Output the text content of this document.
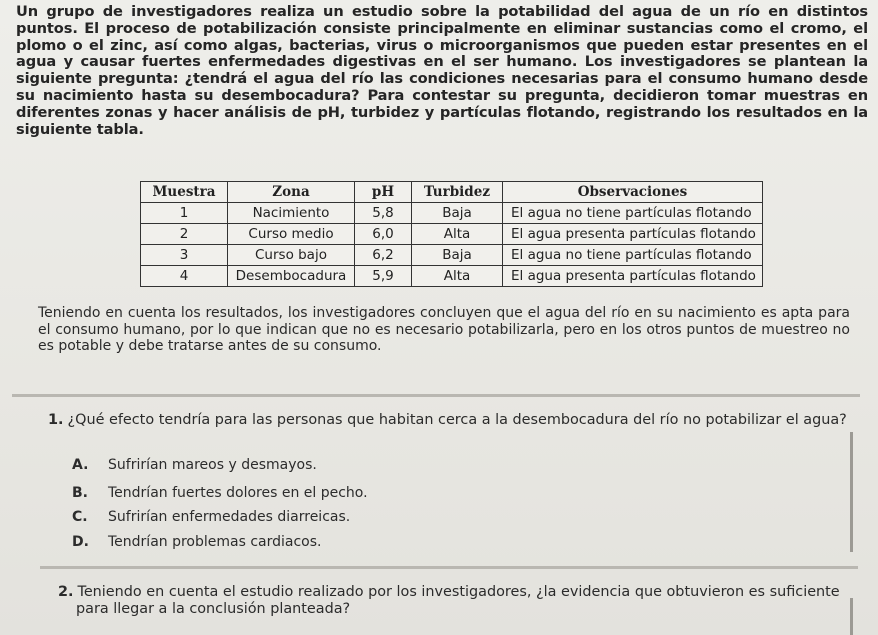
Un grupo de investigadores realiza un estudio sobre la potabilidad del agua de un río en distintos puntos. El proceso de potabilización consiste principalmente en eliminar sustancias como el cromo, el plomo o el zinc, así como algas, bacterias, virus o microorganismos que pueden estar presentes en el agua y causar fuertes enfermedades digestivas en el ser humano. Los investigadores se plantean la siguiente pregunta: ¿tendrá el agua del río las condiciones necesarias para el consumo humano desde su nacimiento hasta su desembocadura? Para contestar su pregunta, decidieron tomar muestras en diferentes zonas y hacer análisis de pH, turbidez y partículas flotando, registrando los resultados en la siguiente tabla.
Muestra	Zona	pH	Turbidez	Observaciones
1	Nacimiento	5,8	Baja	El agua no tiene partículas flotando
2	Curso medio	6,0	Alta	El agua presenta partículas flotando
3	Curso bajo	6,2	Baja	El agua no tiene partículas flotando
4	Desembocadura	5,9	Alta	El agua presenta partículas flotando
Teniendo en cuenta los resultados, los investigadores concluyen que el agua del río en su nacimiento es apta para el consumo humano, por lo que indican que no es necesario potabilizarla, pero en los otros puntos de muestreo no es potable y debe tratarse antes de su consumo.
1. ¿Qué efecto tendría para las personas que habitan cerca a la desembocadura del río no potabilizar el agua?
A. Sufrirían mareos y desmayos.
B. Tendrían fuertes dolores en el pecho.
C. Sufrirían enfermedades diarreicas.
D. Tendrían problemas cardiacos.
2. Teniendo en cuenta el estudio realizado por los investigadores, ¿la evidencia que obtuvieron es suficiente
para llegar a la conclusión planteada?
